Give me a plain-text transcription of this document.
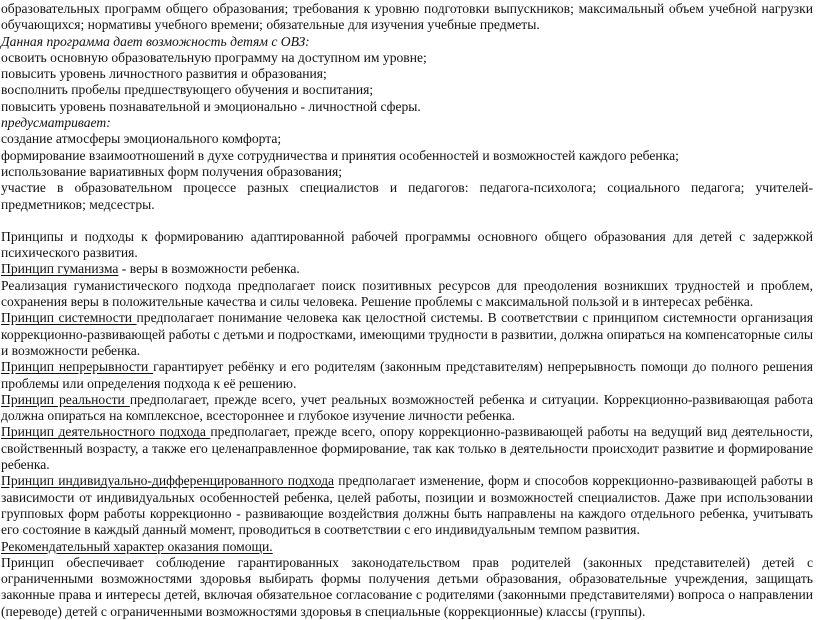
образовательных программ общего образования; требования к уровню подготовки выпускников; максимальный объем учебной нагрузки обучающихся; нормативы учебного времени; обязательные для изучения учебные предметы.

Данная программа дает возможность детям с ОВЗ:

освоить основную образовательную программу на доступном им уровне;

повысить уровень личностного развития и образования;

восполнить пробелы предшествующего обучения и воспитания;

повысить уровень познавательной и эмоционально - личностной сферы.

предусматривает:

создание атмосферы эмоционального комфорта;

формирование взаимоотношений в духе сотрудничества и принятия особенностей и возможностей каждого ребенка;

использование вариативных форм получения образования;

участие в образовательном процессе разных специалистов и педагогов: педагога-психолога; социального педагога; учителей- предметников; медсестры.

Принципы и подходы к формированию адаптированной рабочей программы основного общего образования для детей с задержкой психического развития.

Принцип гуманизма - веры в возможности ребенка.

Реализация гуманистического подхода предполагает поиск позитивных ресурсов для преодоления возникших трудностей и проблем, сохранения веры в положительные качества и силы человека. Решение проблемы с максимальной пользой и в интересах ребёнка.

Принцип системности предполагает понимание человека как целостной системы. В соответствии с принципом системности организация коррекционно-развивающей работы с детьми и подростками, имеющими трудности в развитии, должна опираться на компенсаторные силы и возможности ребенка.

Принцип непрерывности гарантирует ребёнку и его родителям (законным представителям) непрерывность помощи до полного решения проблемы или определения подхода к её решению.

Принцип реальности предполагает, прежде всего, учет реальных возможностей ребенка и ситуации. Коррекционно-развивающая работа должна опираться на комплексное, всестороннее и глубокое изучение личности ребенка.

Принцип деятельностного подхода предполагает, прежде всего, опору коррекционно-развивающей работы на ведущий вид деятельности, свойственный возрасту, а также его целенаправленное формирование, так как только в деятельности происходит развитие и формирование ребенка.

Принцип индивидуально-дифференцированного подхода предполагает изменение, форм и способов коррекционно-развивающей работы в зависимости от индивидуальных особенностей ребенка, целей работы, позиции и возможностей специалистов. Даже при использовании групповых форм работы коррекционно - развивающие воздействия должны быть направлены на каждого отдельного ребенка, учитывать его состояние в каждый данный момент, проводиться в соответствии с его индивидуальным темпом развития.

Рекомендательный характер оказания помощи.

Принцип обеспечивает соблюдение гарантированных законодательством прав родителей (законных представителей) детей с ограниченными возможностями здоровья выбирать формы получения детьми образования, образовательные учреждения, защищать законные права и интересы детей, включая обязательное согласование с родителями (законными представителями) вопроса о направлении (переводе) детей с ограниченными возможностями здоровья в специальные (коррекционные) классы (группы).
